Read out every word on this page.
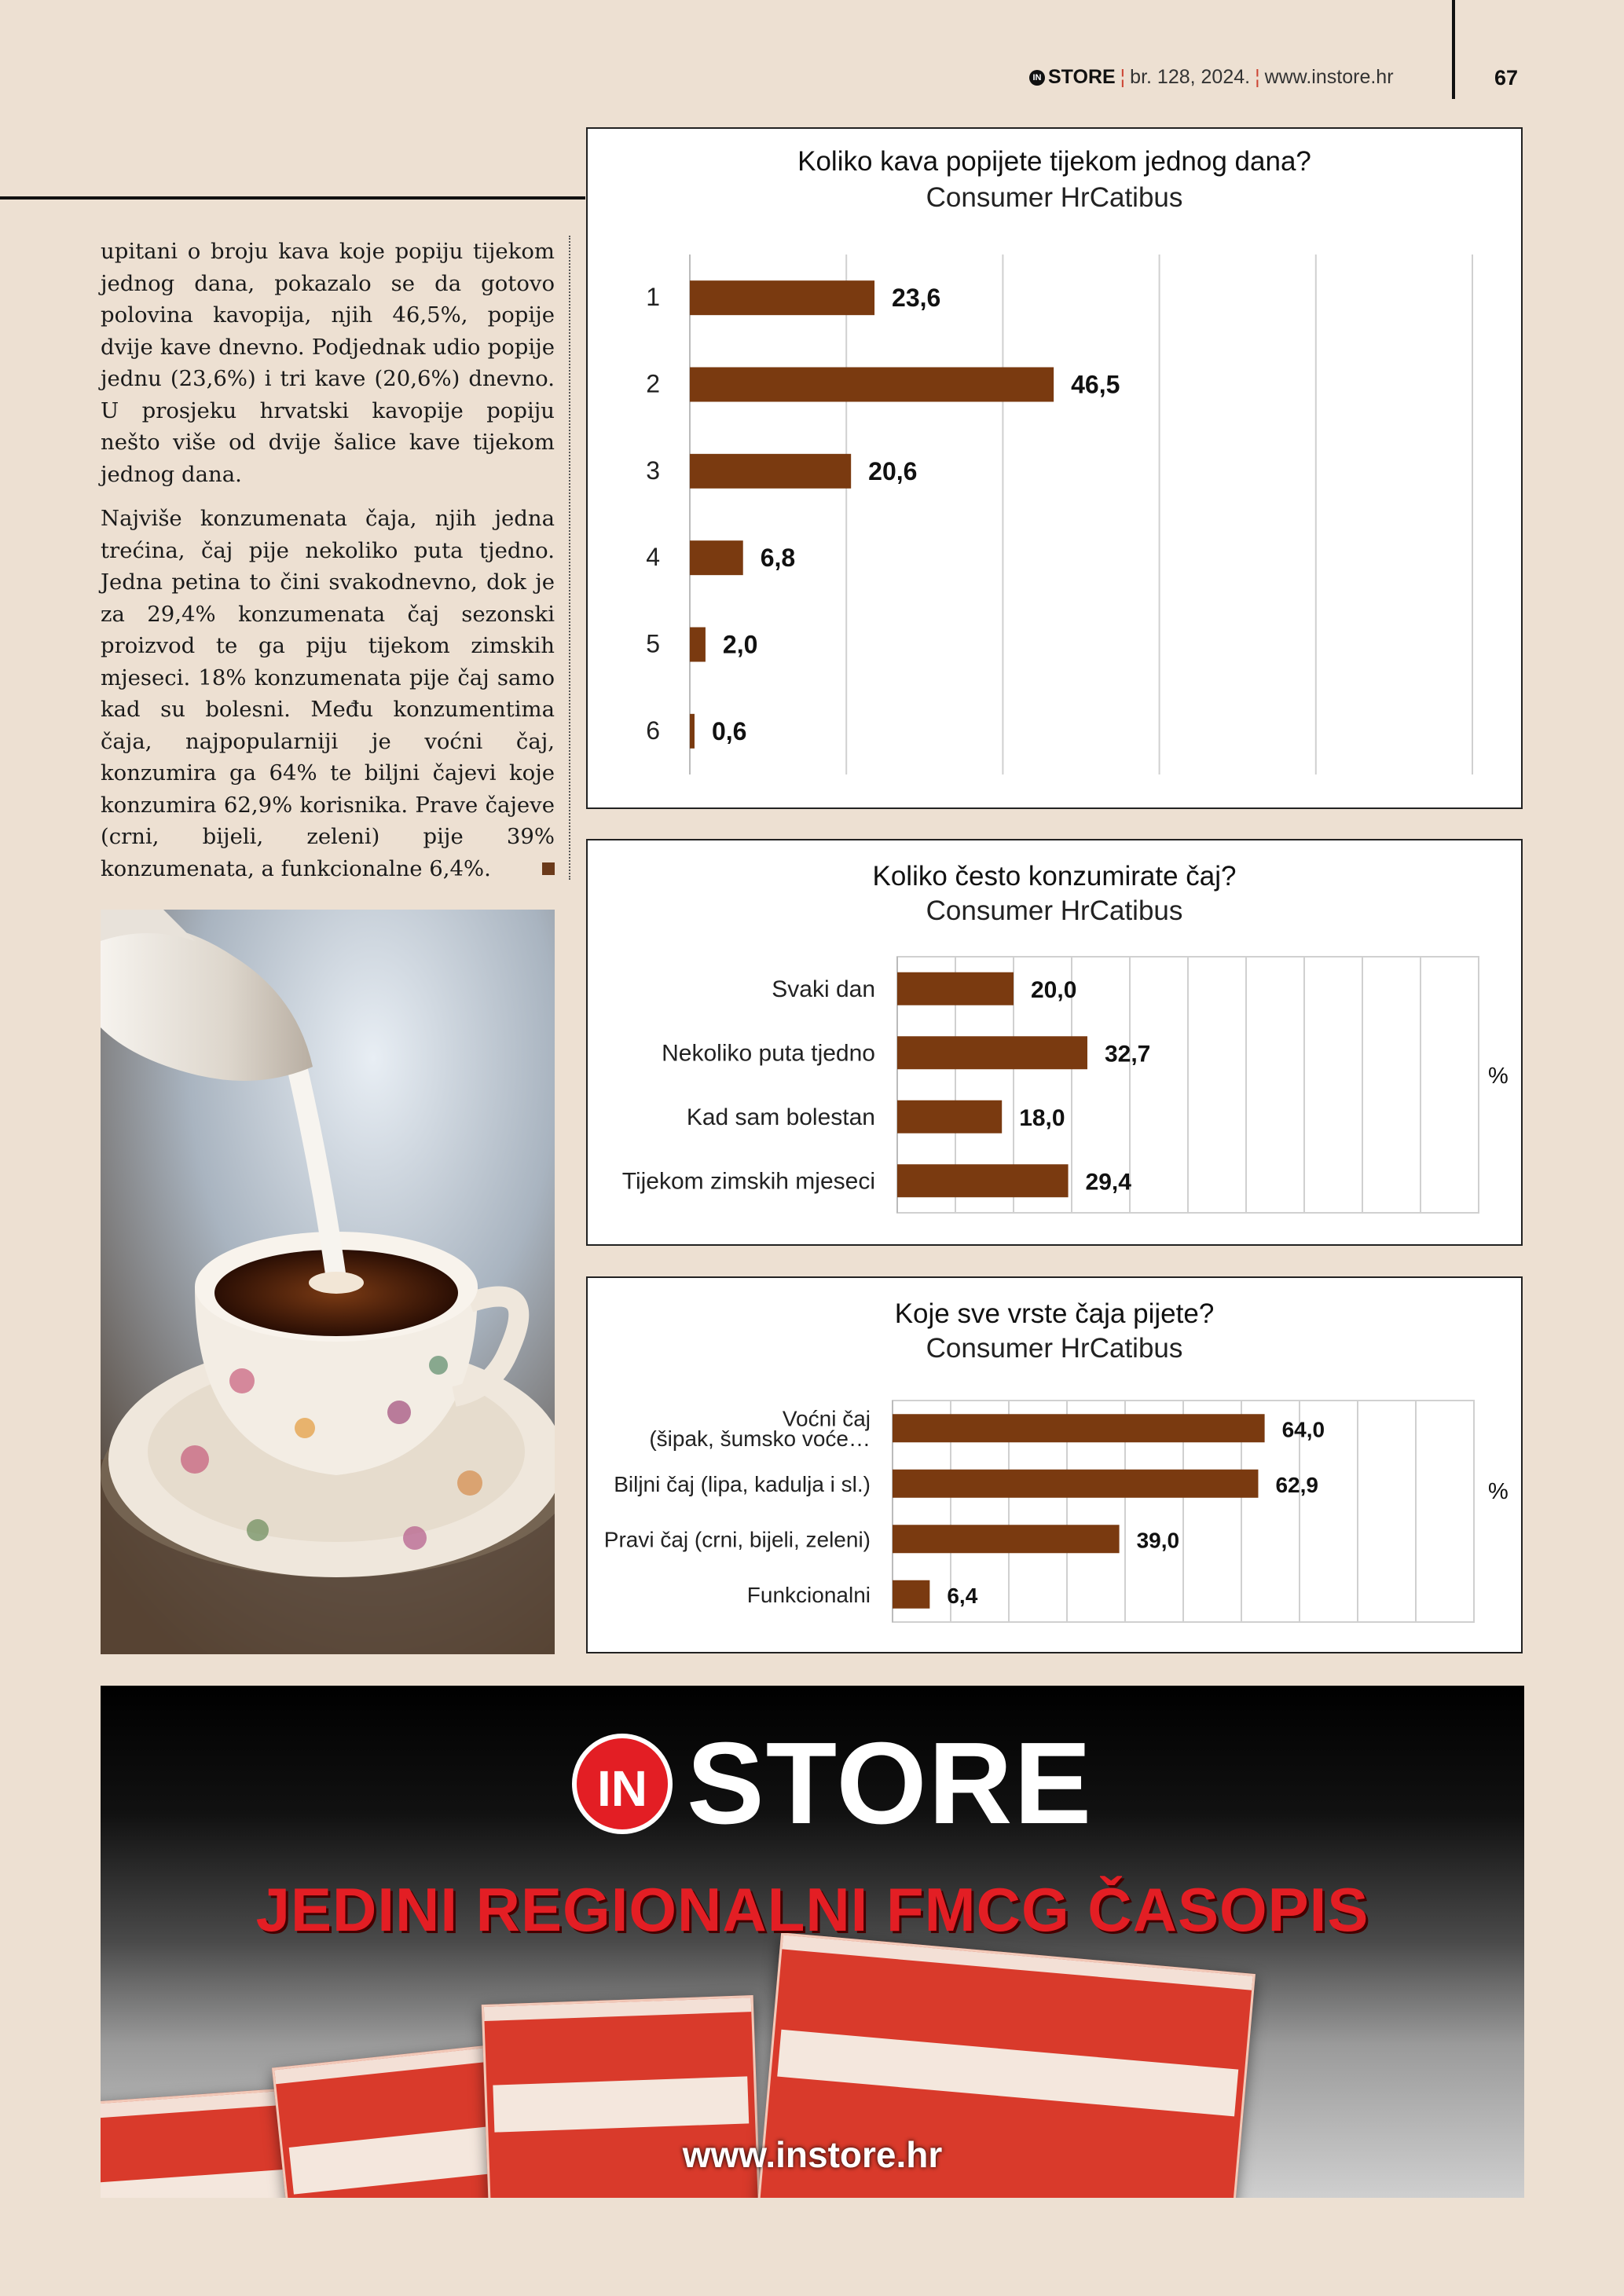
IN STORE ¦ br. 128, 2024. ¦ www.instore.hr	67

upitani o broju kava koje popiju tijekom jednog dana, pokazalo se da gotovo polovina kavopija, njih 46,5%, popije dvije kave dnevno. Podjednak udio popije jednu (23,6%) i tri kave (20,6%) dnevno. U prosjeku hrvatski kavopije popiju nešto više od dvije šalice kave tijekom jednog dana.

Najviše konzumenata čaja, njih jedna trećina, čaj pije nekoliko puta tjedno. Jedna petina to čini svakodnevno, dok je za 29,4% konzumenata čaj sezonski proizvod te ga piju tijekom zimskih mjeseci. 18% konzumenata pije čaj samo kad su bolesni. Među konzumentima čaja, najpopularniji je voćni čaj, konzumira ga 64% te biljni čajevi koje konzumira 62,9% korisnika. Prave čajeve (crni, bijeli, zeleni) pije 39% konzumenata, a funkcionalne 6,4%.

Koliko kava popijete tijekom jednog dana?
Consumer HrCatibus
23,6
1
46,5
2
20,6
3
6,8
4
2,0
5
0,6
6
Koliko često konzumirate čaj?
Consumer HrCatibus
20,0
Svaki dan
32,7
Nekoliko puta tjedno
18,0
Kad sam bolestan
29,4
Tijekom zimskih mjeseci
%
Koje sve vrste čaja pijete?
Consumer HrCatibus
64,0
Voćni čaj
(šipak, šumsko voće…
62,9
Biljni čaj (lipa, kadulja i sl.)
39,0
Pravi čaj (crni, bijeli, zeleni)
6,4
Funkcionalni
%
IN STORE
JEDINI REGIONALNI FMCG ČASOPIS
www.instore.hr
